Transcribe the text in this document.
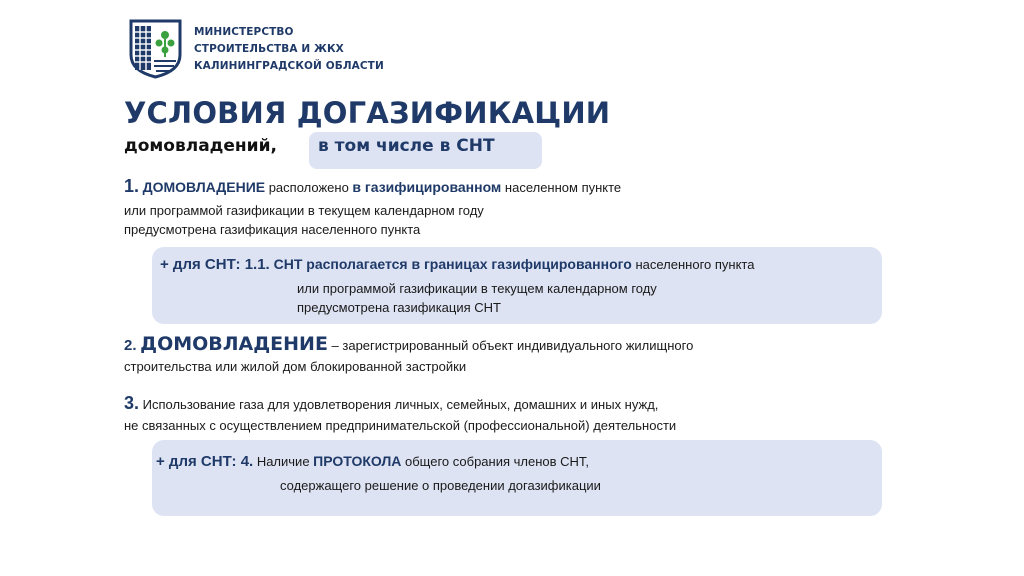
МИНИСТЕРСТВО
СТРОИТЕЛЬСТВА И ЖКХ
КАЛИНИНГРАДСКОЙ ОБЛАСТИ
УСЛОВИЯ ДОГАЗИФИКАЦИИ
домовладений, в том числе в СНТ
1. ДОМОВЛАДЕНИЕ расположено в газифицированном населенном пункте
или программой газификации в текущем календарном году
предусмотрена газификация населенного пункта
+ для СНТ: 1.1. СНТ располагается в границах газифицированного населенного пункта
или программой газификации в текущем календарном году
предусмотрена газификация СНТ
2. ДОМОВЛАДЕНИЕ – зарегистрированный объект индивидуального жилищного
строительства или жилой дом блокированной застройки
3. Использование газа для удовлетворения личных, семейных, домашних и иных нужд,
не связанных с осуществлением предпринимательской (профессиональной) деятельности
+ для СНТ: 4. Наличие ПРОТОКОЛА общего собрания членов СНТ,
содержащего решение о проведении догазификации
